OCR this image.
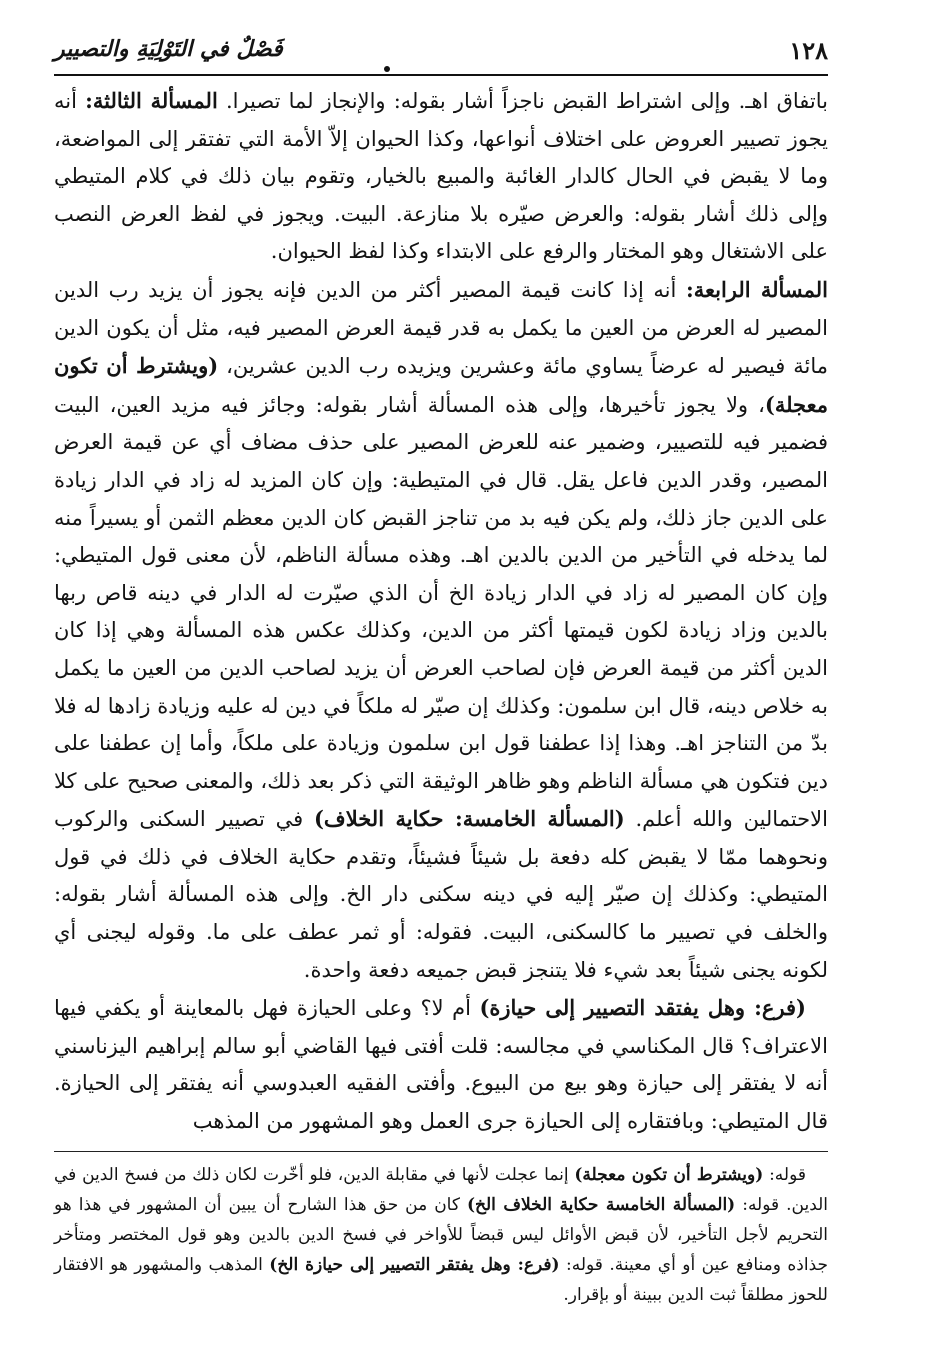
١٢٨
فَصْلٌ في التَوْلِيَةِ والتصيير

باتفاق اهـ. وإلى اشتراط القبض ناجزاً أشار بقوله: والإنجاز لما تصيرا. المسألة الثالثة: أنه يجوز تصيير العروض على اختلاف أنواعها، وكذا الحيوان إلاّ الأمة التي تفتقر إلى المواضعة، وما لا يقبض في الحال كالدار الغائبة والمبيع بالخيار، وتقوم بيان ذلك في كلام المتيطي وإلى ذلك أشار بقوله: والعرض صيّره بلا منازعة. البيت. ويجوز في لفظ العرض النصب على الاشتغال وهو المختار والرفع على الابتداء وكذا لفظ الحيوان.

المسألة الرابعة: أنه إذا كانت قيمة المصير أكثر من الدين فإنه يجوز أن يزيد رب الدين المصير له العرض من العين ما يكمل به قدر قيمة العرض المصير فيه، مثل أن يكون الدين مائة فيصير له عرضاً يساوي مائة وعشرين ويزيده رب الدين عشرين، (ويشترط أن تكون معجلة)، ولا يجوز تأخيرها، وإلى هذه المسألة أشار بقوله: وجائز فيه مزيد العين، البيت فضمير فيه للتصيير، وضمير عنه للعرض المصير على حذف مضاف أي عن قيمة العرض المصير، وقدر الدين فاعل يقل. قال في المتيطية: وإن كان المزيد له زاد في الدار زيادة على الدين جاز ذلك، ولم يكن فيه بد من تناجز القبض كان الدين معظم الثمن أو يسيراً منه لما يدخله في التأخير من الدين بالدين اهـ. وهذه مسألة الناظم، لأن معنى قول المتيطي: وإن كان المصير له زاد في الدار زيادة الخ أن الذي صيّرت له الدار في دينه قاص ربها بالدين وزاد زيادة لكون قيمتها أكثر من الدين، وكذلك عكس هذه المسألة وهي إذا كان الدين أكثر من قيمة العرض فإن لصاحب العرض أن يزيد لصاحب الدين من العين ما يكمل به خلاص دينه، قال ابن سلمون: وكذلك إن صيّر له ملكاً في دين له عليه وزيادة زادها له فلا بدّ من التناجز اهـ. وهذا إذا عطفنا قول ابن سلمون وزيادة على ملكاً، وأما إن عطفنا على دين فتكون هي مسألة الناظم وهو ظاهر الوثيقة التي ذكر بعد ذلك، والمعنى صحيح على كلا الاحتمالين والله أعلم. (المسألة الخامسة: حكاية الخلاف) في تصيير السكنى والركوب ونحوهما ممّا لا يقبض كله دفعة بل شيئاً فشيئاً، وتقدم حكاية الخلاف في ذلك في قول المتيطي: وكذلك إن صيّر إليه في دينه سكنى دار الخ. وإلى هذه المسألة أشار بقوله: والخلف في تصيير ما كالسكنى، البيت. فقوله: أو ثمر عطف على ما. وقوله ليجنى أي لكونه يجنى شيئاً بعد شيء فلا يتنجز قبض جميعه دفعة واحدة.

(فرع: وهل يفتقد التصيير إلى حيازة) أم لا؟ وعلى الحيازة فهل بالمعاينة أو يكفي فيها الاعتراف؟ قال المكناسي في مجالسه: قلت أفتى فيها القاضي أبو سالم إبراهيم اليزناسني أنه لا يفتقر إلى حيازة وهو بيع من البيوع. وأفتى الفقيه العبدوسي أنه يفتقر إلى الحيازة. قال المتيطي: وبافتقاره إلى الحيازة جرى العمل وهو المشهور من المذهب

قوله: (ويشترط أن تكون معجلة) إنما عجلت لأنها في مقابلة الدين، فلو أخّرت لكان ذلك من فسخ الدين في الدين. قوله: (المسألة الخامسة حكاية الخلاف الخ) كان من حق هذا الشارح أن يبين أن المشهور في هذا هو التحريم لأجل التأخير، لأن قبض الأوائل ليس قبضاً للأواخر في فسخ الدين بالدين وهو قول المختصر ومتأخر جذاذه ومنافع عين أو أي معينة. قوله: (فرع: وهل يفتقر التصيير إلى حيازة الخ) المذهب والمشهور هو الافتقار للحوز مطلقاً ثبت الدين ببينة أو بإقرار.
